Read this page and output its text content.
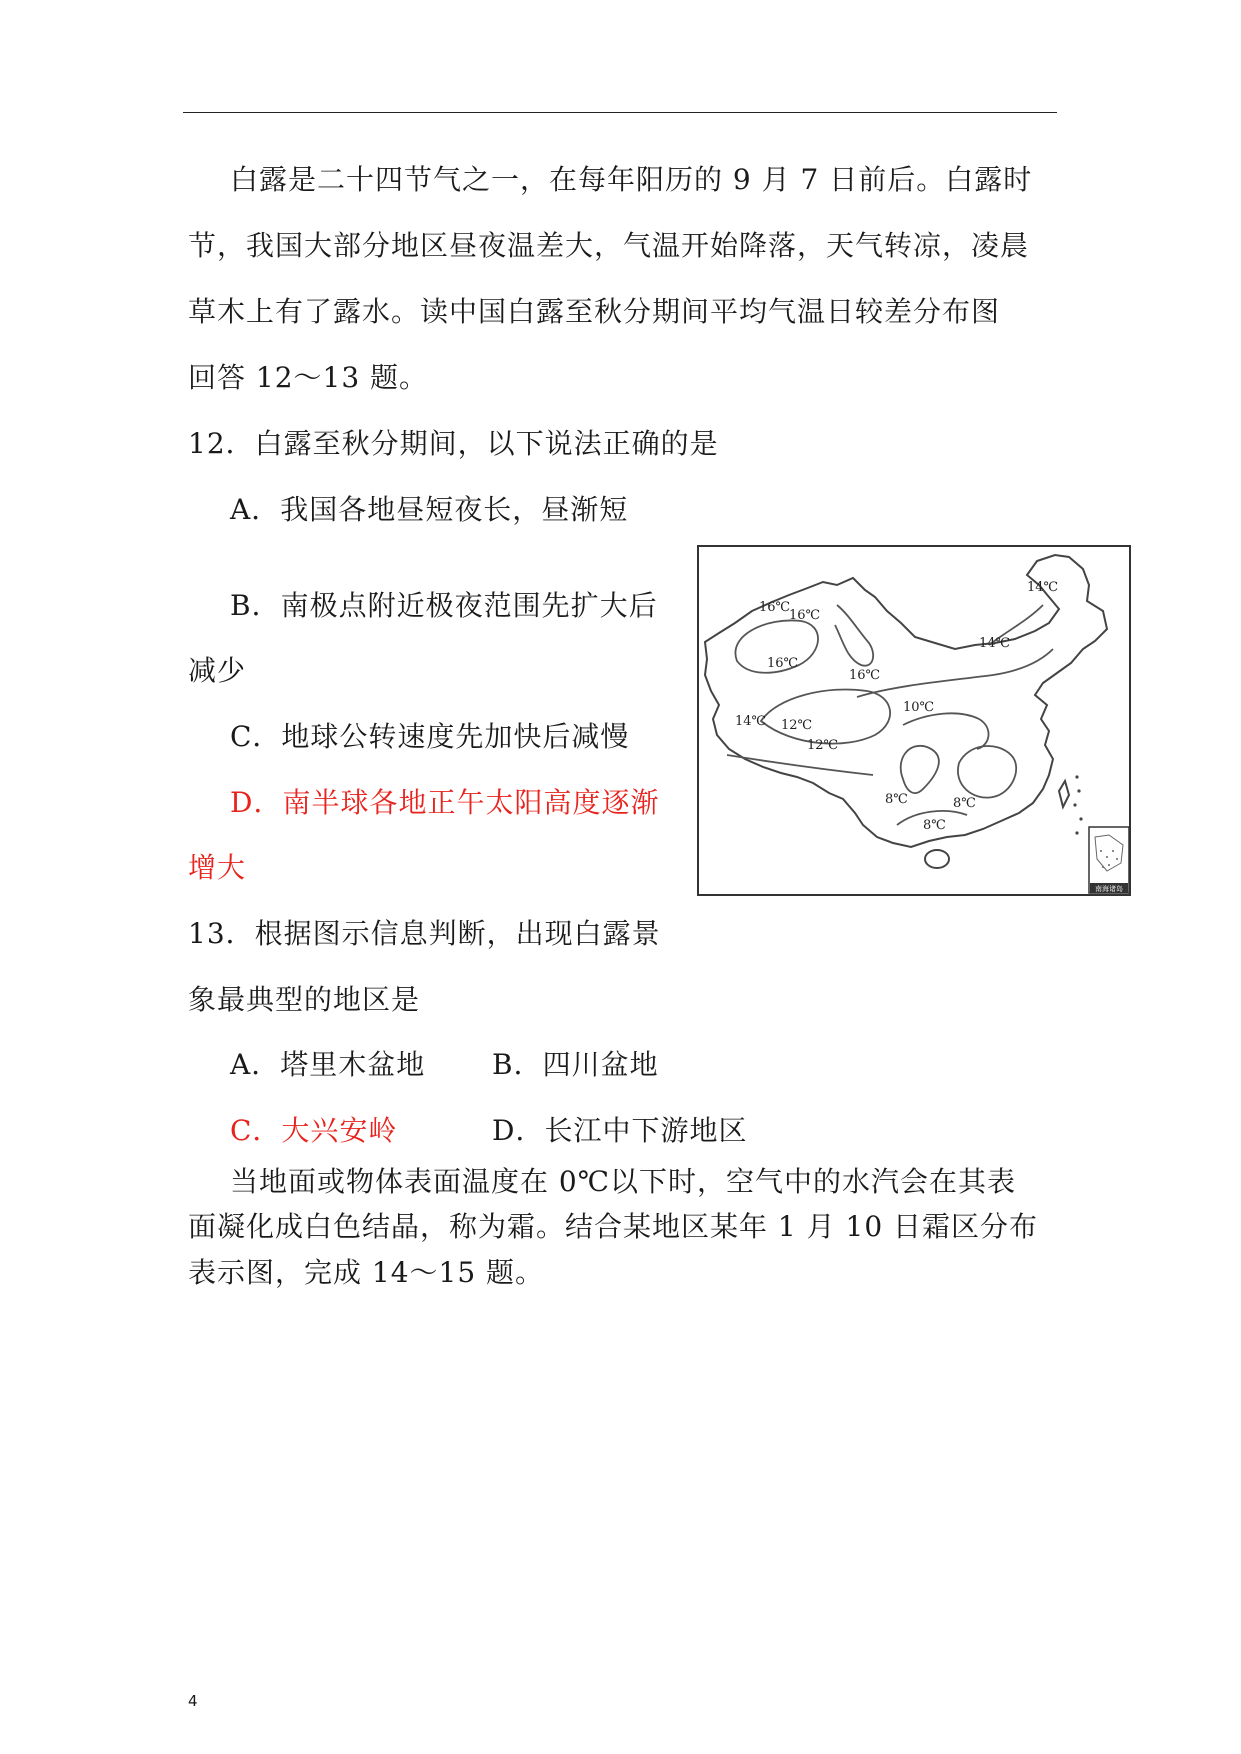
白露是二十四节气之一，在每年阳历的 9 月 7 日前后。白露时
节，我国大部分地区昼夜温差大，气温开始降落，天气转凉，凌晨
草木上有了露水。读中国白露至秋分期间平均气温日较差分布图
回答 12～13 题。
12．白露至秋分期间，以下说法正确的是
A．我国各地昼短夜长，昼渐短
B．南极点附近极夜范围先扩大后
减少
C．地球公转速度先加快后减慢
D．南半球各地正午太阳高度逐渐
增大
13．根据图示信息判断，出现白露景
象最典型的地区是
A．塔里木盆地 B．四川盆地
C．大兴安岭	D．长江中下游地区
当地面或物体表面温度在 0℃以下时，空气中的水汽会在其表
面凝化成白色结晶，称为霜。结合某地区某年 1 月 10 日霜区分布
表示图，完成 14～15 题。
14℃
16℃
16℃
16℃
14℃
16℃
10℃
14℃ 12℃
12℃
8℃	8℃
8℃
南海诸岛
4
